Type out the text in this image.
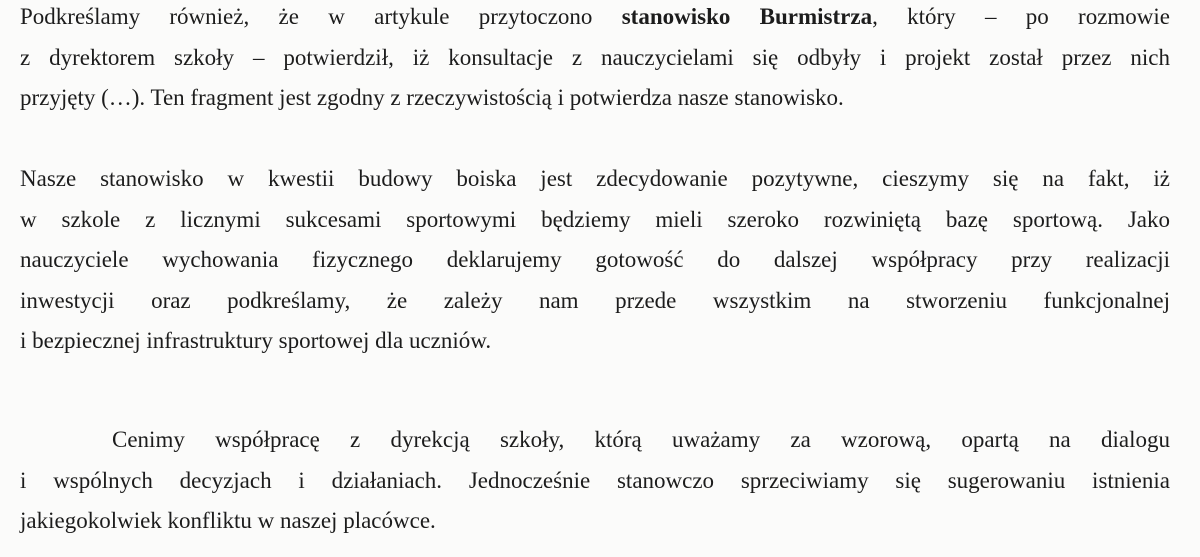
Podkreślamy również, że w artykule przytoczono stanowisko Burmistrza, który – po rozmowie
z dyrektorem szkoły – potwierdził, iż konsultacje z nauczycielami się odbyły i projekt został przez nich
przyjęty (…). Ten fragment jest zgodny z rzeczywistością i potwierdza nasze stanowisko.

Nasze stanowisko w kwestii budowy boiska jest zdecydowanie pozytywne, cieszymy się na fakt, iż
w szkole z licznymi sukcesami sportowymi będziemy mieli szeroko rozwiniętą bazę sportową. Jako
nauczyciele wychowania fizycznego deklarujemy gotowość do dalszej współpracy przy realizacji
inwestycji oraz podkreślamy, że zależy nam przede wszystkim na stworzeniu funkcjonalnej
i bezpiecznej infrastruktury sportowej dla uczniów.

Cenimy współpracę z dyrekcją szkoły, którą uważamy za wzorową, opartą na dialogu
i wspólnych decyzjach i działaniach. Jednocześnie stanowczo sprzeciwiamy się sugerowaniu istnienia
jakiegokolwiek konfliktu w naszej placówce.
